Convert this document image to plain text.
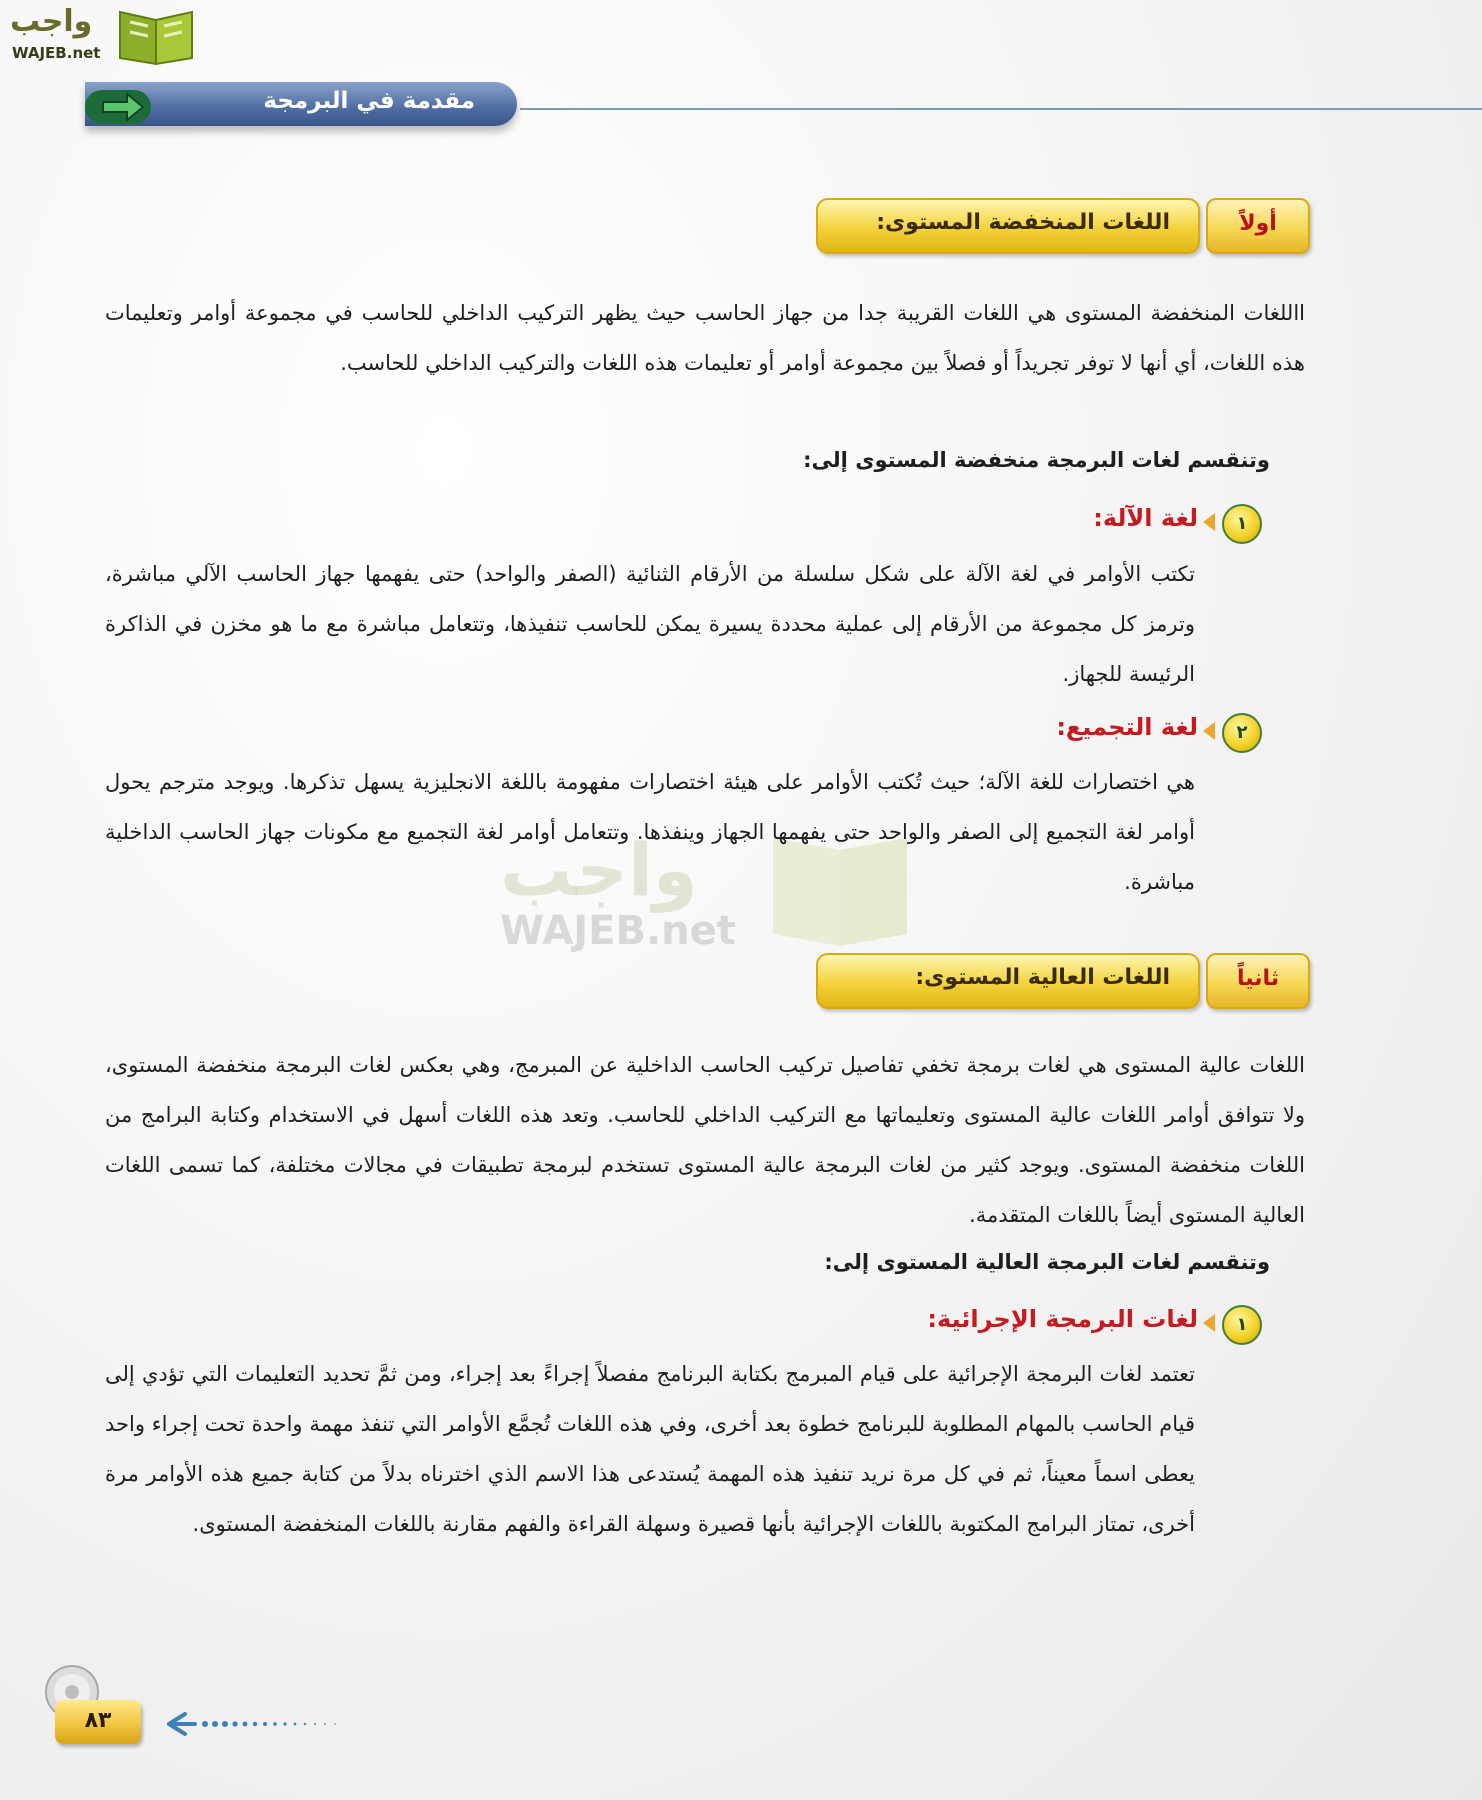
واجب
WAJEB.net
مقدمة في البرمجة
واجب
WAJEB.net
اللغات المنخفضة المستوى:	أولاً
االلغات المنخفضة المستوى هي اللغات القريبة جدا من جهاز الحاسب حيث يظهر التركيب الداخلي للحاسب في مجموعة أوامر وتعليمات هذه اللغات، أي أنها لا توفر تجريداً أو فصلاً بين مجموعة أوامر أو تعليمات هذه اللغات والتركيب الداخلي للحاسب.
وتنقسم لغات البرمجة منخفضة المستوى إلى:
١
لغة الآلة:
تكتب الأوامر في لغة الآلة على شكل سلسلة من الأرقام الثنائية (الصفر والواحد) حتى يفهمها جهاز الحاسب الآلي مباشرة، وترمز كل مجموعة من الأرقام إلى عملية محددة يسيرة يمكن للحاسب تنفيذها، وتتعامل مباشرة مع ما هو مخزن في الذاكرة الرئيسة للجهاز.
٢
لغة التجميع:
هي اختصارات للغة الآلة؛ حيث تُكتب الأوامر على هيئة اختصارات مفهومة باللغة الانجليزية يسهل تذكرها. ويوجد مترجم يحول أوامر لغة التجميع إلى الصفر والواحد حتى يفهمها الجهاز وينفذها. وتتعامل أوامر لغة التجميع مع مكونات جهاز الحاسب الداخلية مباشرة.
اللغات العالية المستوى:	ثانياً
اللغات عالية المستوى هي لغات برمجة تخفي تفاصيل تركيب الحاسب الداخلية عن المبرمج، وهي بعكس لغات البرمجة منخفضة المستوى، ولا تتوافق أوامر اللغات عالية المستوى وتعليماتها مع التركيب الداخلي للحاسب. وتعد هذه اللغات أسهل في الاستخدام وكتابة البرامج من اللغات منخفضة المستوى. ويوجد كثير من لغات البرمجة عالية المستوى تستخدم لبرمجة تطبيقات في مجالات مختلفة، كما تسمى اللغات العالية المستوى أيضاً باللغات المتقدمة.
وتنقسم لغات البرمجة العالية المستوى إلى:
١
لغات البرمجة الإجرائية:
تعتمد لغات البرمجة الإجرائية على قيام المبرمج بكتابة البرنامج مفصلاً إجراءً بعد إجراء، ومن ثمَّ تحديد التعليمات التي تؤدي إلى قيام الحاسب بالمهام المطلوبة للبرنامج خطوة بعد أخرى، وفي هذه اللغات تُجمَّع الأوامر التي تنفذ مهمة واحدة تحت إجراء واحد يعطى اسماً معيناً، ثم في كل مرة نريد تنفيذ هذه المهمة يُستدعى هذا الاسم الذي اخترناه بدلاً من كتابة جميع هذه الأوامر مرة أخرى، تمتاز البرامج المكتوبة باللغات الإجرائية بأنها قصيرة وسهلة القراءة والفهم مقارنة باللغات المنخفضة المستوى.
٨٣
